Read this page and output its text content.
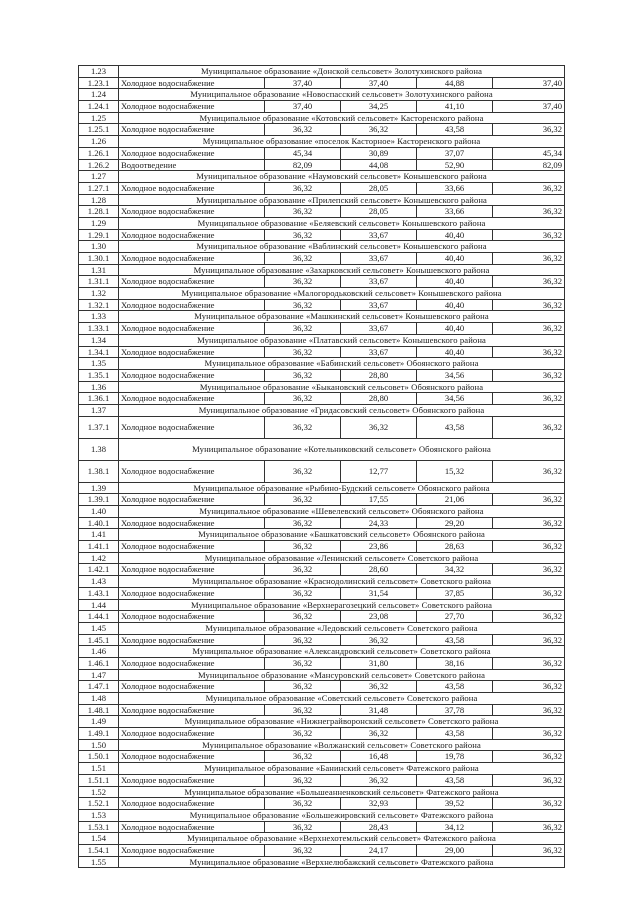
1.23	Муниципальное образование «Донской сельсовет» Золотухинского района				
1.23.1	Холодное водоснабжение	37,40	37,40	44,88	37,40
1.24	Муниципальное образование «Новоспасский сельсовет» Золотухинского района				
1.24.1	Холодное водоснабжение	37,40	34,25	41,10	37,40
1.25	Муниципальное образование «Котовский сельсовет» Касторенского района				
1.25.1	Холодное водоснабжение	36,32	36,32	43,58	36,32
1.26	Муниципальное образование «поселок Касторное» Касторенского района				
1.26.1	Холодное водоснабжение	45,34	30,89	37,07	45,34
1.26.2	Водоотведение	82,09	44,08	52,90	82,09
1.27	Муниципальное образование «Наумовский сельсовет» Конышевского района				
1.27.1	Холодное водоснабжение	36,32	28,05	33,66	36,32
1.28	Муниципальное образование «Прилепский сельсовет» Конышевского района				
1.28.1	Холодное водоснабжение	36,32	28,05	33,66	36,32
1.29	Муниципальное образование «Беляевский сельсовет» Конышевского района				
1.29.1	Холодное водоснабжение	36,32	33,67	40,40	36,32
1.30	Муниципальное образование «Ваблинский сельсовет» Конышевского района				
1.30.1	Холодное водоснабжение	36,32	33,67	40,40	36,32
1.31	Муниципальное образование «Захарковский сельсовет» Конышевского района				
1.31.1	Холодное водоснабжение	36,32	33,67	40,40	36,32
1.32	Муниципальное образование «Малогородьковский сельсовет» Конышевского района				
1.32.1	Холодное водоснабжение	36,32	33,67	40,40	36,32
1.33	Муниципальное образование «Машкинский сельсовет» Конышевского района				
1.33.1	Холодное водоснабжение	36,32	33,67	40,40	36,32
1.34	Муниципальное образование «Платавский сельсовет» Конышевского района				
1.34.1	Холодное водоснабжение	36,32	33,67	40,40	36,32
1.35	Муниципальное образование «Бабинский сельсовет» Обоянского района				
1.35.1	Холодное водоснабжение	36,32	28,80	34,56	36,32
1.36	Муниципальное образование «Быкановский сельсовет» Обоянского района				
1.36.1	Холодное водоснабжение	36,32	28,80	34,56	36,32
1.37	Муниципальное образование «Гридасовский сельсовет» Обоянского района				
1.37.1	Холодное водоснабжение	36,32	36,32	43,58	36,32
1.38	Муниципальное образование «Котельниковский сельсовет» Обоянского района				
1.38.1	Холодное водоснабжение	36,32	12,77	15,32	36,32
1.39	Муниципальное образование «Рыбино-Будский сельсовет» Обоянского района				
1.39.1	Холодное водоснабжение	36,32	17,55	21,06	36,32
1.40	Муниципальное образование «Шевелевский сельсовет» Обоянского района				
1.40.1	Холодное водоснабжение	36,32	24,33	29,20	36,32
1.41	Муниципальное образование «Башкатовский сельсовет» Обоянского района				
1.41.1	Холодное водоснабжение	36,32	23,86	28,63	36,32
1.42	Муниципальное образование «Ленинский сельсовет» Советского района				
1.42.1	Холодное водоснабжение	36,32	28,60	34,32	36,32
1.43	Муниципальное образование «Краснодолинский сельсовет» Советского района				
1.43.1	Холодное водоснабжение	36,32	31,54	37,85	36,32
1.44	Муниципальное образование «Верхнерагозецкий сельсовет» Советского района				
1.44.1	Холодное водоснабжение	36,32	23,08	27,70	36,32
1.45	Муниципальное образование «Ледовский сельсовет» Советского района				
1.45.1	Холодное водоснабжение	36,32	36,32	43,58	36,32
1.46	Муниципальное образование «Александровский сельсовет» Советского района				
1.46.1	Холодное водоснабжение	36,32	31,80	38,16	36,32
1.47	Муниципальное образование «Мансуровский сельсовет» Советского района				
1.47.1	Холодное водоснабжение	36,32	36,32	43,58	36,32
1.48	Муниципальное образование «Советский сельсовет» Советского района				
1.48.1	Холодное водоснабжение	36,32	31,48	37,78	36,32
1.49	Муниципальное образование «Нижнеграйворонский сельсовет» Советского района				
1.49.1	Холодное водоснабжение	36,32	36,32	43,58	36,32
1.50	Муниципальное образование «Волжанский сельсовет» Советского района				
1.50.1	Холодное водоснабжение	36,32	16,48	19,78	36,32
1.51	Муниципальное образование «Банинский сельсовет» Фатежского района				
1.51.1	Холодное водоснабжение	36,32	36,32	43,58	36,32
1.52	Муниципальное образование «Большеанненковский сельсовет» Фатежского района				
1.52.1	Холодное водоснабжение	36,32	32,93	39,52	36,32
1.53	Муниципальное образование «Большежировский сельсовет» Фатежского района				
1.53.1	Холодное водоснабжение	36,32	28,43	34,12	36,32
1.54	Муниципальное образование «Верхнехотемльский сельсовет» Фатежского района				
1.54.1	Холодное водоснабжение	36,32	24,17	29,00	36,32
1.55	Муниципальное образование «Верхнелюбажский сельсовет» Фатежского района				
